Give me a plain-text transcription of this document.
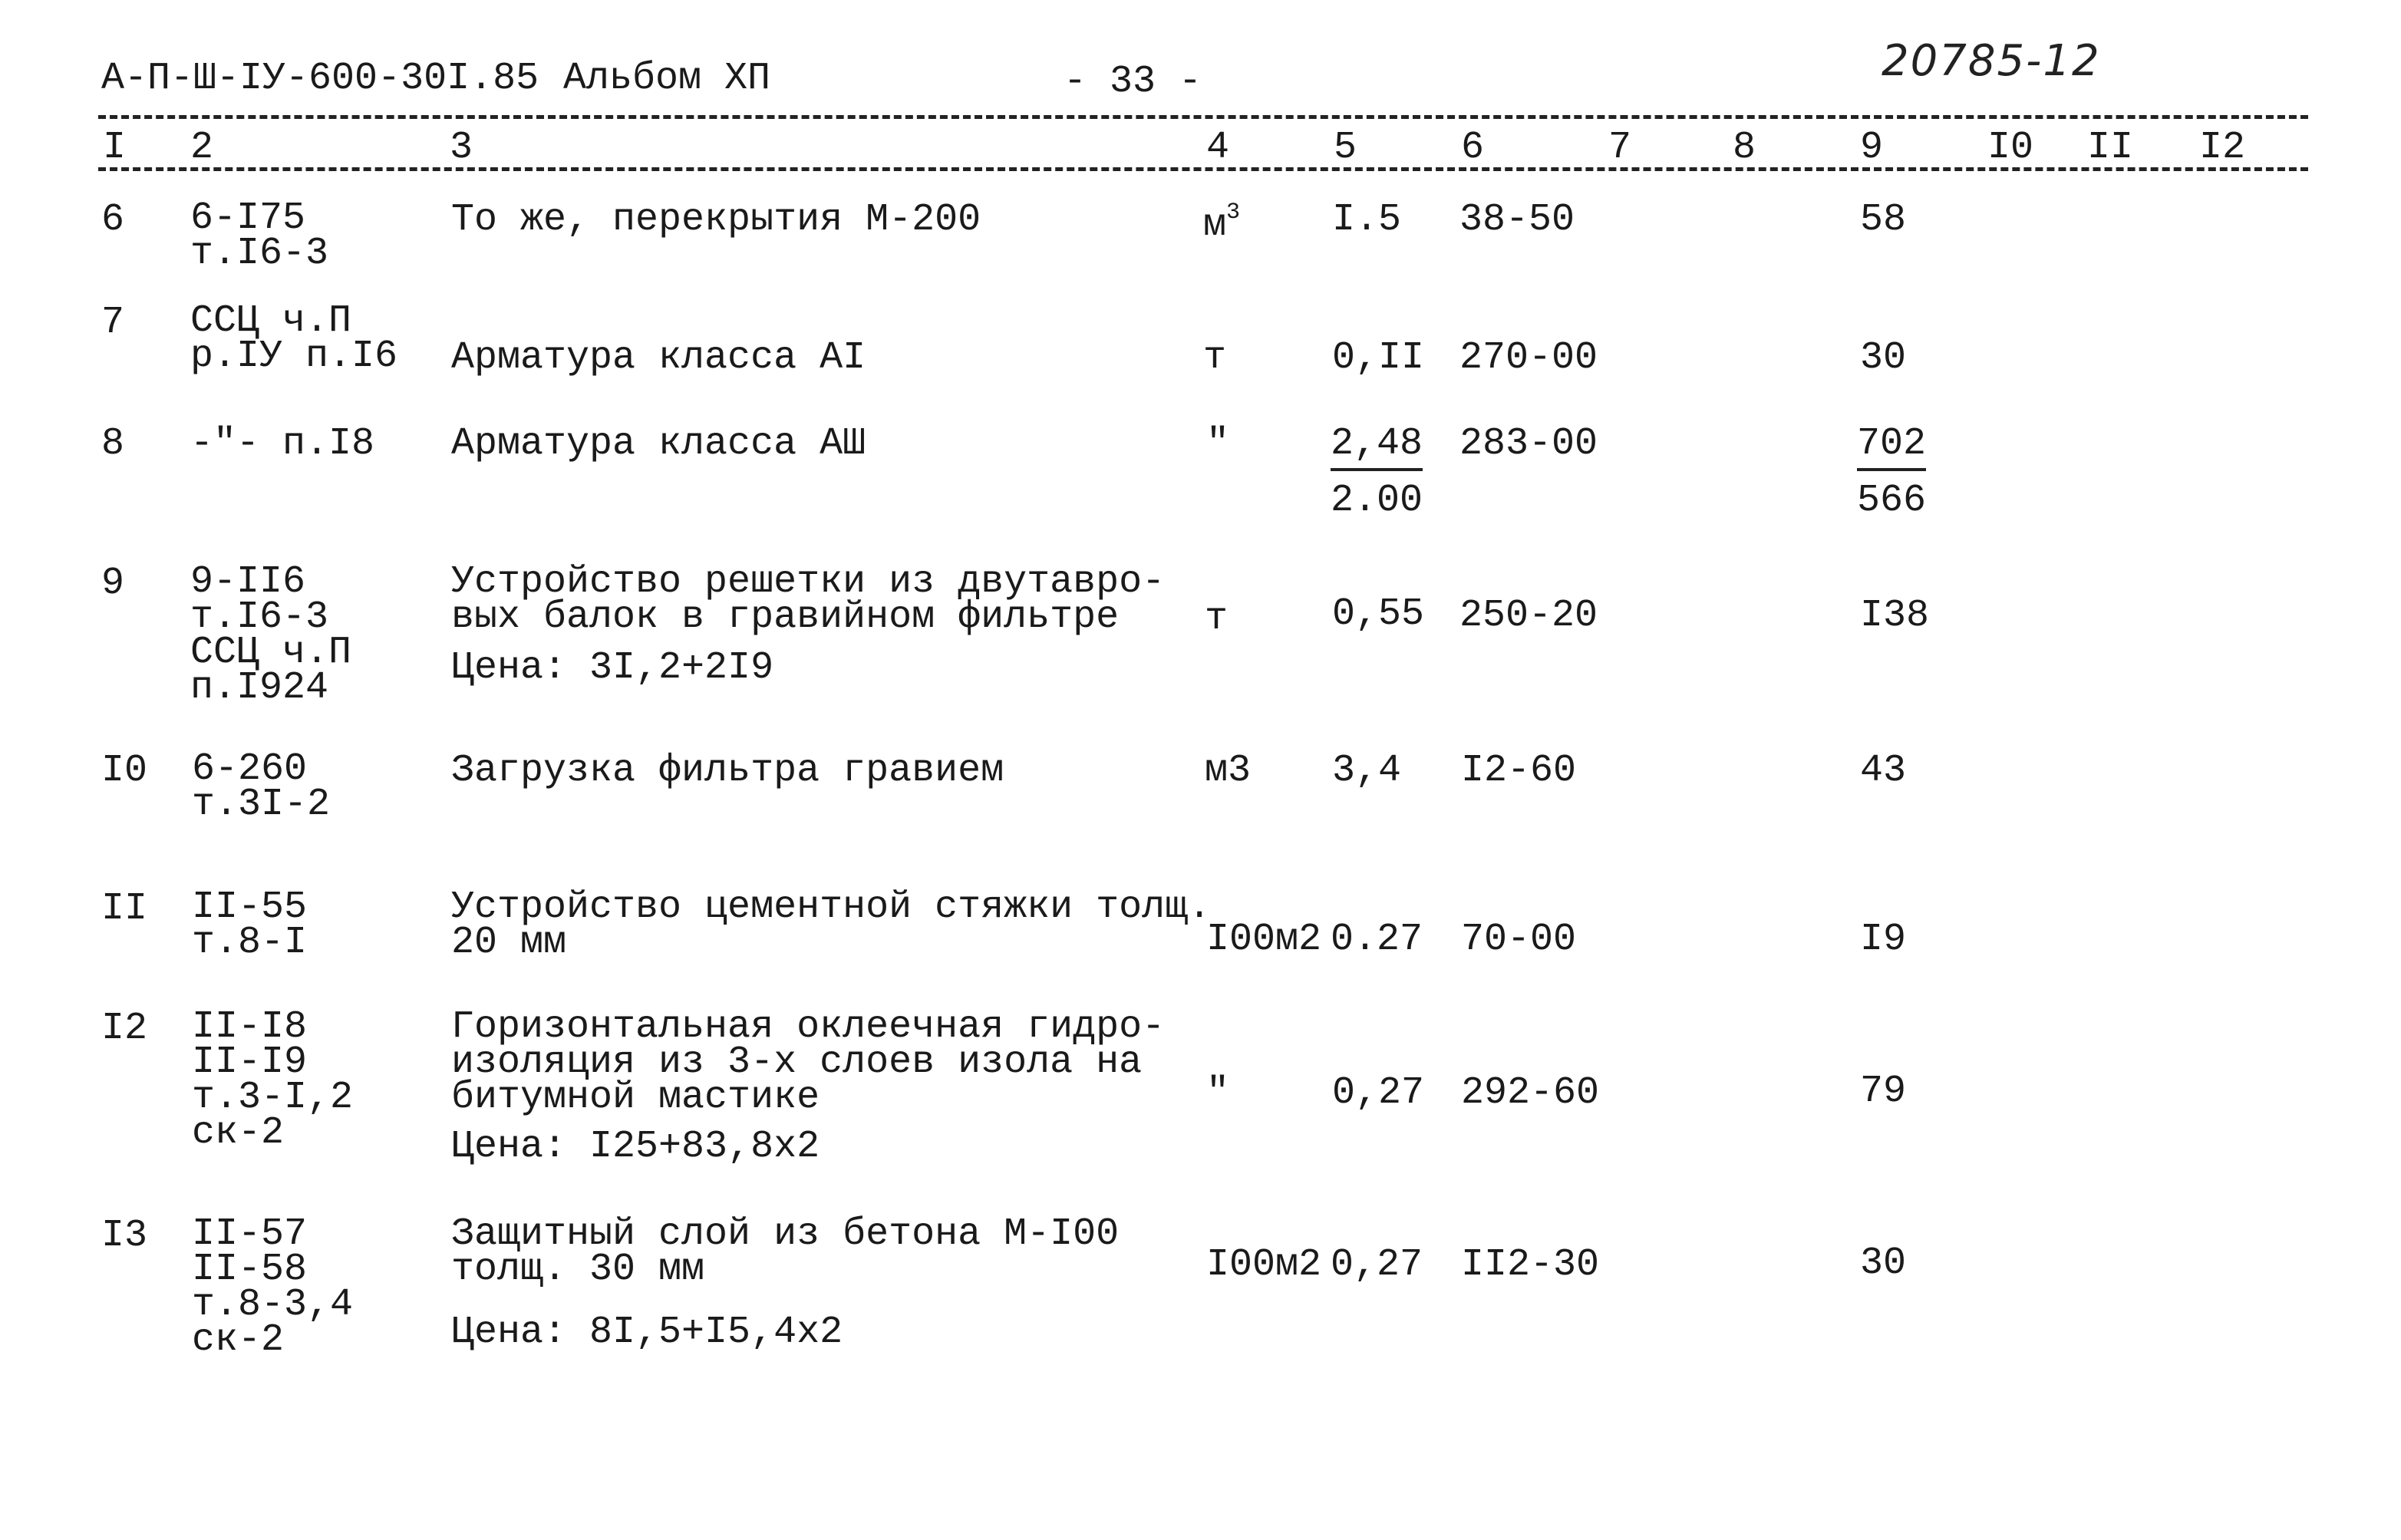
А-П-Ш-IУ-600-30I.85 Альбом XП	- 33 -	20785-12
I 2	3	4	5	6	7	8	9	I0 II I2
6 6-I75
т.I6-3
То же, перекрытия М-200	$м^3$ I.5 38-50	58
7 ССЦ ч.П
р.IУ п.I6 Арматура класса АI	т	0,II 270-00	30
8 -"- п.I8 Арматура класса АШ	"	$\frac{2,48}{2.00} 283-00$	$\frac{702}{566}$
9 9-II6
т.I6-3
ССЦ ч.П
п.I924
Устройство решетки из двутавро-
вых балок в гравийном фильтре
Цена: 3I,2+2I9
т	0,55 250-20	I38
I0 6-260
т.3I-2
Загрузка фильтра гравием	м3 3,4 I2-60	43
II II-55
т.8-I
Устройство цементной стяжки толщ.
20 мм	I00м2 0.27 70-00	I9
I2 II-I8
II-I9
т.3-I,2
ск-2
Горизонтальная оклеечная гидро-
изоляция из 3-х слоев изола на
битумной мастике
Цена: I25+83,8х2
"	0,27 292-60	79
I3 II-57
II-58
т.8-3,4
ск-2
Защитный слой из бетона М-I00
толщ. 30 мм
Цена: 8I,5+I5,4х2
I00м2 0,27 II2-30	30
